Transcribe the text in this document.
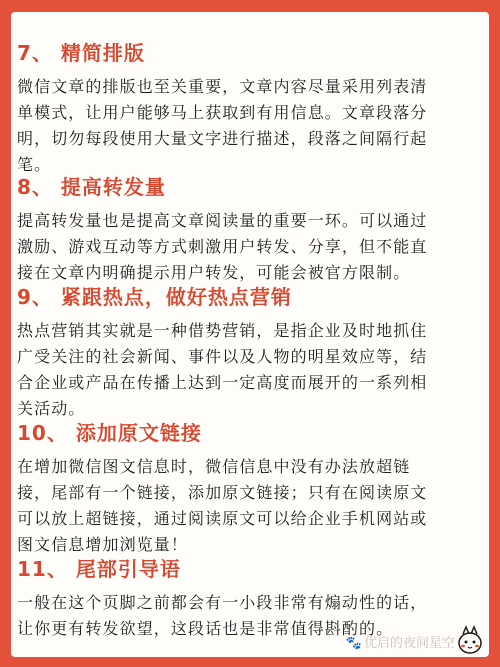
7、 精简排版

微信文章的排版也至关重要，文章内容尽量采用列表清

单模式，让用户能够马上获取到有用信息。文章段落分

明，切勿每段使用大量文字进行描述，段落之间隔行起

笔。

8、 提高转发量

提高转发量也是提高文章阅读量的重要一环。可以通过

激励、游戏互动等方式刺激用户转发、分享，但不能直

接在文章内明确提示用户转发，可能会被官方限制。

9、 紧跟热点，做好热点营销

热点营销其实就是一种借势营销，是指企业及时地抓住

广受关注的社会新闻、事件以及人物的明星效应等，结

合企业或产品在传播上达到一定高度而展开的一系列相

关活动。

10、 添加原文链接

在增加微信图文信息时，微信信息中没有办法放超链

接，尾部有一个链接，添加原文链接；只有在阅读原文

可以放上超链接，通过阅读原文可以给企业手机网站或

图文信息增加浏览量！

11、 尾部引导语

一般在这个页脚之前都会有一小段非常有煽动性的话，

让你更有转发欲望，这段话也是非常值得斟酌的。

🐾 优启的夜间星空
